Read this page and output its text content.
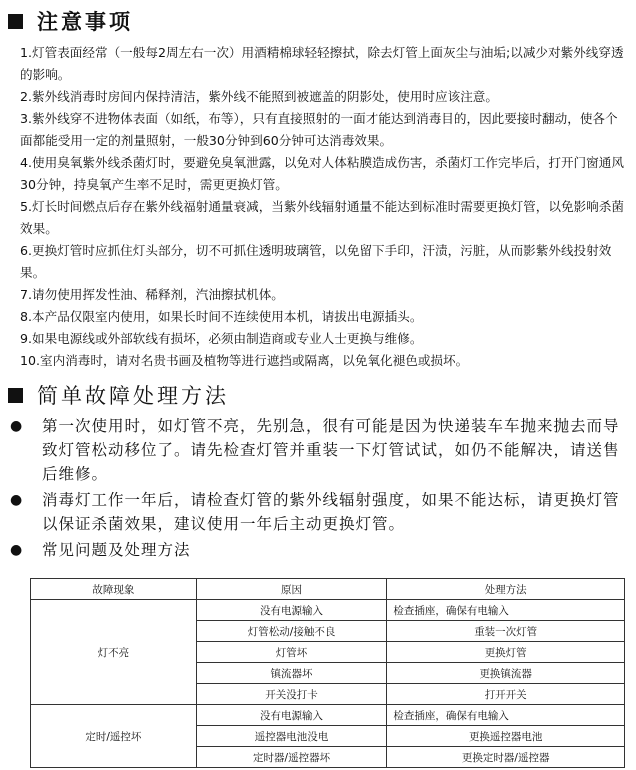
注意事项

1.灯管表面经常（一般每2周左右一次）用酒精棉球轻轻擦拭，除去灯管上面灰尘与油垢;以减少对紫外线穿透的影响。

2.紫外线消毒时房间内保持清洁，紫外线不能照到被遮盖的阴影处，使用时应该注意。

3.紫外线穿不进物体表面（如纸，布等），只有直接照射的一面才能达到消毒目的，因此要接时翻动，使各个面都能受用一定的剂量照射，一般30分钟到60分钟可达消毒效果。

4.使用臭氧紫外线杀菌灯时，要避免臭氧泄露，以免对人体粘膜造成伤害，杀菌灯工作完毕后，打开门窗通风30分钟，持臭氧产生率不足时，需更更换灯管。

5.灯长时间燃点后存在紫外线福射通量衰减，当紫外线辐射通量不能达到标准时需要更换灯管，以免影响杀菌效果。

6.更换灯管时应抓住灯头部分，切不可抓住透明玻璃管，以免留下手印，汗渍，污脏，从而影紫外线投射效果。

7.请勿使用挥发性油、稀释剂，汽油擦拭机体。

8.本产品仅限室内使用，如果长时间不连续使用本机，请拔出电源插头。

9.如果电源线或外部软线有损坏，必须由制造商或专业人士更换与维修。

10.室内消毒时，请对名贵书画及植物等进行遮挡或隔离，以免氧化褪色或损坏。

简单故障处理方法
●	第一次使用时，如灯管不亮，先别急，很有可能是因为快递装车车抛来抛去而导致灯管松动移位了。请先检查灯管并重装一下灯管试试，如仍不能解决，请送售后维修。
●	消毒灯工作一年后，请检查灯管的紫外线辐射强度，如果不能达标，请更换灯管以保证杀菌效果，建议使用一年后主动更换灯管。
●	常见问题及处理方法
故障现象	原因	处理方法
灯不亮	没有电源输入	检查插座，确保有电输入
	灯管松动/接触不良	重装一次灯管
	灯管坏	更换灯管
	镇流器坏	更换镇流器
	开关没打卡	打开开关
定时/遥控坏	没有电源输入	检查插座，确保有电输入
	遥控器电池没电	更换遥控器电池
	定时器/遥控器坏	更换定时器/遥控器
